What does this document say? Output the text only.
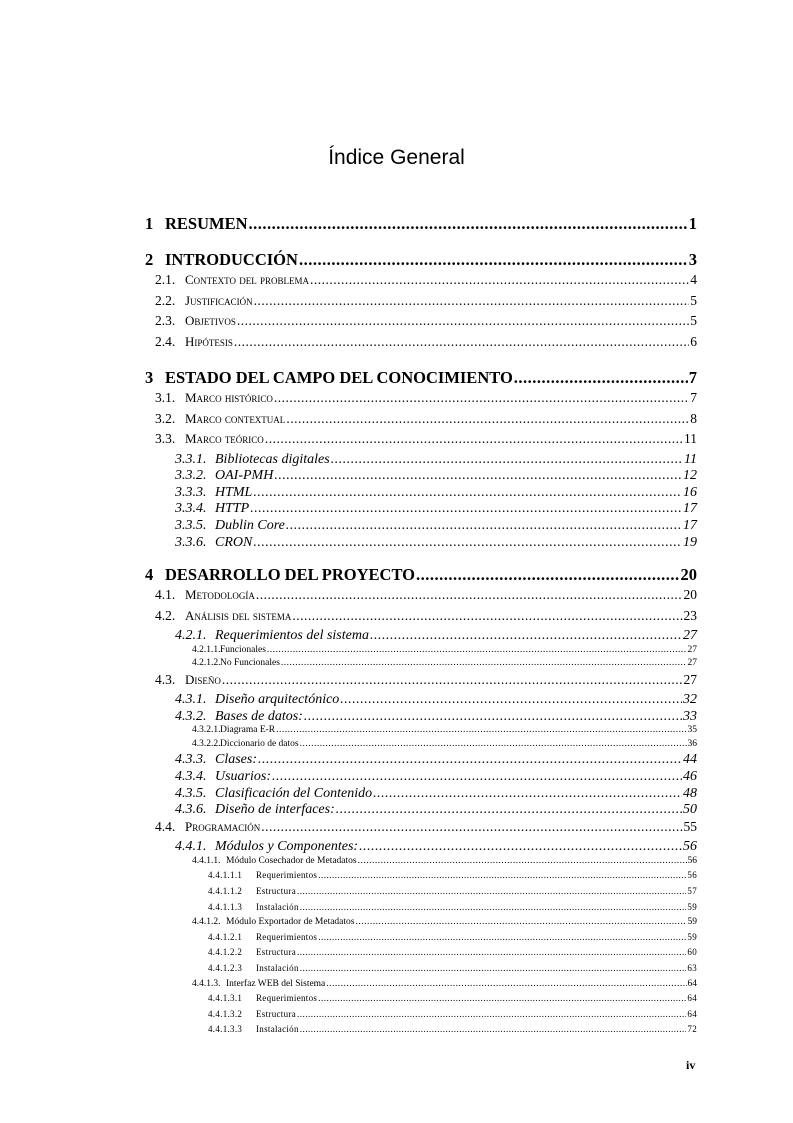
Índice General
1 RESUMEN .....	1
2 INTRODUCCIÓN .....	3
2.1. Contexto del problema .....	4
2.2. Justificación .....	5
2.3. Objetivos .....	5
2.4. Hipótesis .....	6
3 ESTADO DEL CAMPO DEL CONOCIMIENTO .....	7
3.1. Marco histórico .....	7
3.2. Marco contextual .....	8
3.3. Marco teórico .....	11
3.3.1. Bibliotecas digitales .....	11
3.3.2. OAI-PMH .....	12
3.3.3. HTML .....	16
3.3.4. HTTP .....	17
3.3.5. Dublin Core .....	17
3.3.6. CRON .....	19
4 DESARROLLO DEL PROYECTO .....	20
4.1. Metodología .....	20
4.2. Análisis del sistema .....	23
4.2.1. Requerimientos del sistema .....	27
4.2.1.1. Funcionales .....	27
4.2.1.2. No Funcionales .....	27
4.3. Diseño .....	27
4.3.1. Diseño arquitectónico .....	32
4.3.2. Bases de datos: .....	33
4.3.2.1. Diagrama E-R .....	35
4.3.2.2. Diccionario de datos .....	36
4.3.3. Clases: .....	44
4.3.4. Usuarios: .....	46
4.3.5. Clasificación del Contenido .....	48
4.3.6. Diseño de interfaces: .....	50
4.4. Programación .....	55
4.4.1. Módulos y Componentes: .....	56
4.4.1.1. Módulo Cosechador de Metadatos .....	56
4.4.1.1.1	Requerimientos .....	56
4.4.1.1.2	Estructura .....	57
4.4.1.1.3	Instalación .....	59
4.4.1.2. Módulo Exportador de Metadatos .....	59
4.4.1.2.1	Requerimientos .....	59
4.4.1.2.2	Estructura .....	60
4.4.1.2.3	Instalación .....	63
4.4.1.3. Interfaz WEB del Sistema .....	64
4.4.1.3.1	Requerimientos .....	64
4.4.1.3.2	Estructura .....	64
4.4.1.3.3	Instalación .....	72
iv
